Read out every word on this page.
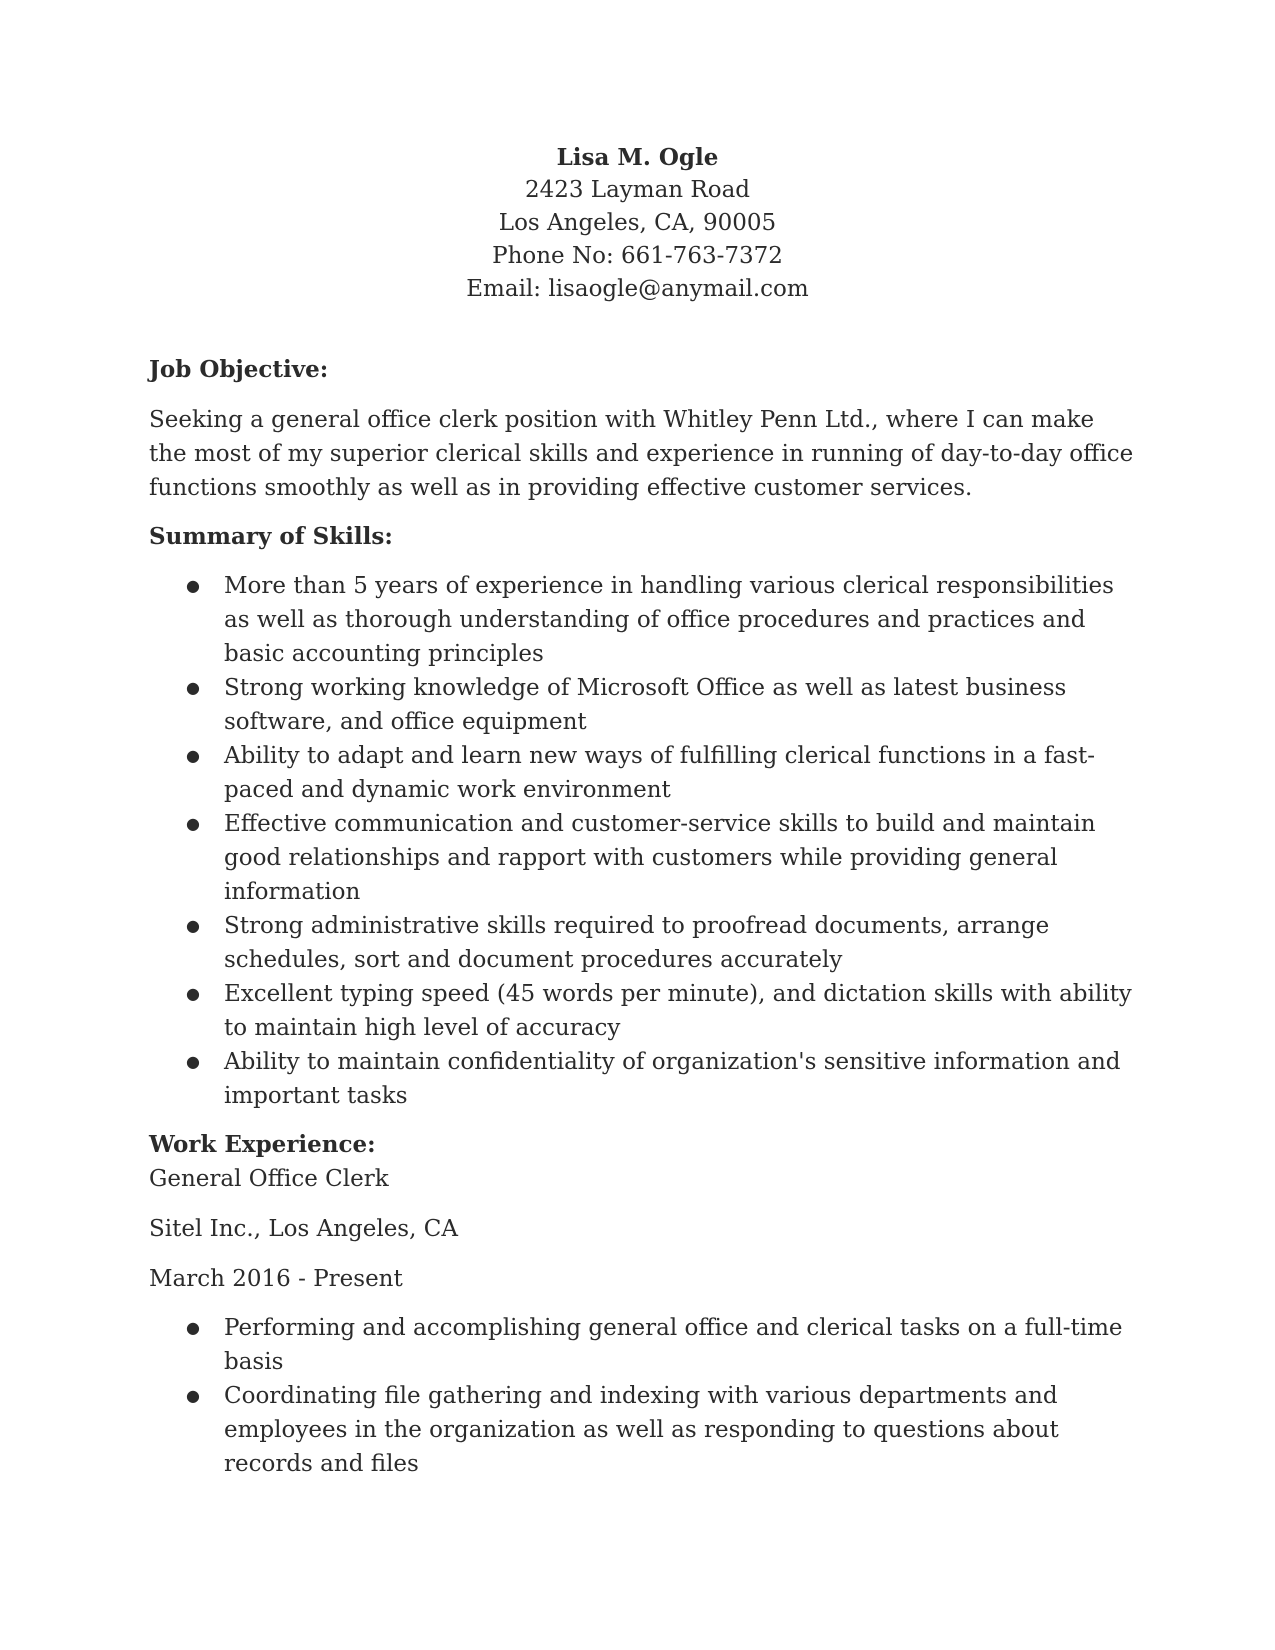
Lisa M. Ogle
2423 Layman Road
Los Angeles, CA, 90005
Phone No: 661-763-7372
Email: lisaogle@anymail.com
Job Objective:
Seeking a general office clerk position with Whitley Penn Ltd., where I can make the most of my superior clerical skills and experience in running of day-to-day office functions smoothly as well as in providing effective customer services.
Summary of Skills:
● More than 5 years of experience in handling various clerical responsibilities as well as thorough understanding of office procedures and practices and basic accounting principles
● Strong working knowledge of Microsoft Office as well as latest business software, and office equipment
● Ability to adapt and learn new ways of fulfilling clerical functions in a fast-paced and dynamic work environment
● Effective communication and customer-service skills to build and maintain good relationships and rapport with customers while providing general information
● Strong administrative skills required to proofread documents, arrange schedules, sort and document procedures accurately
● Excellent typing speed (45 words per minute), and dictation skills with ability to maintain high level of accuracy
● Ability to maintain confidentiality of organization's sensitive information and important tasks
Work Experience:
General Office Clerk
Sitel Inc., Los Angeles, CA
March 2016 - Present
● Performing and accomplishing general office and clerical tasks on a full-time basis
● Coordinating file gathering and indexing with various departments and employees in the organization as well as responding to questions about records and files
